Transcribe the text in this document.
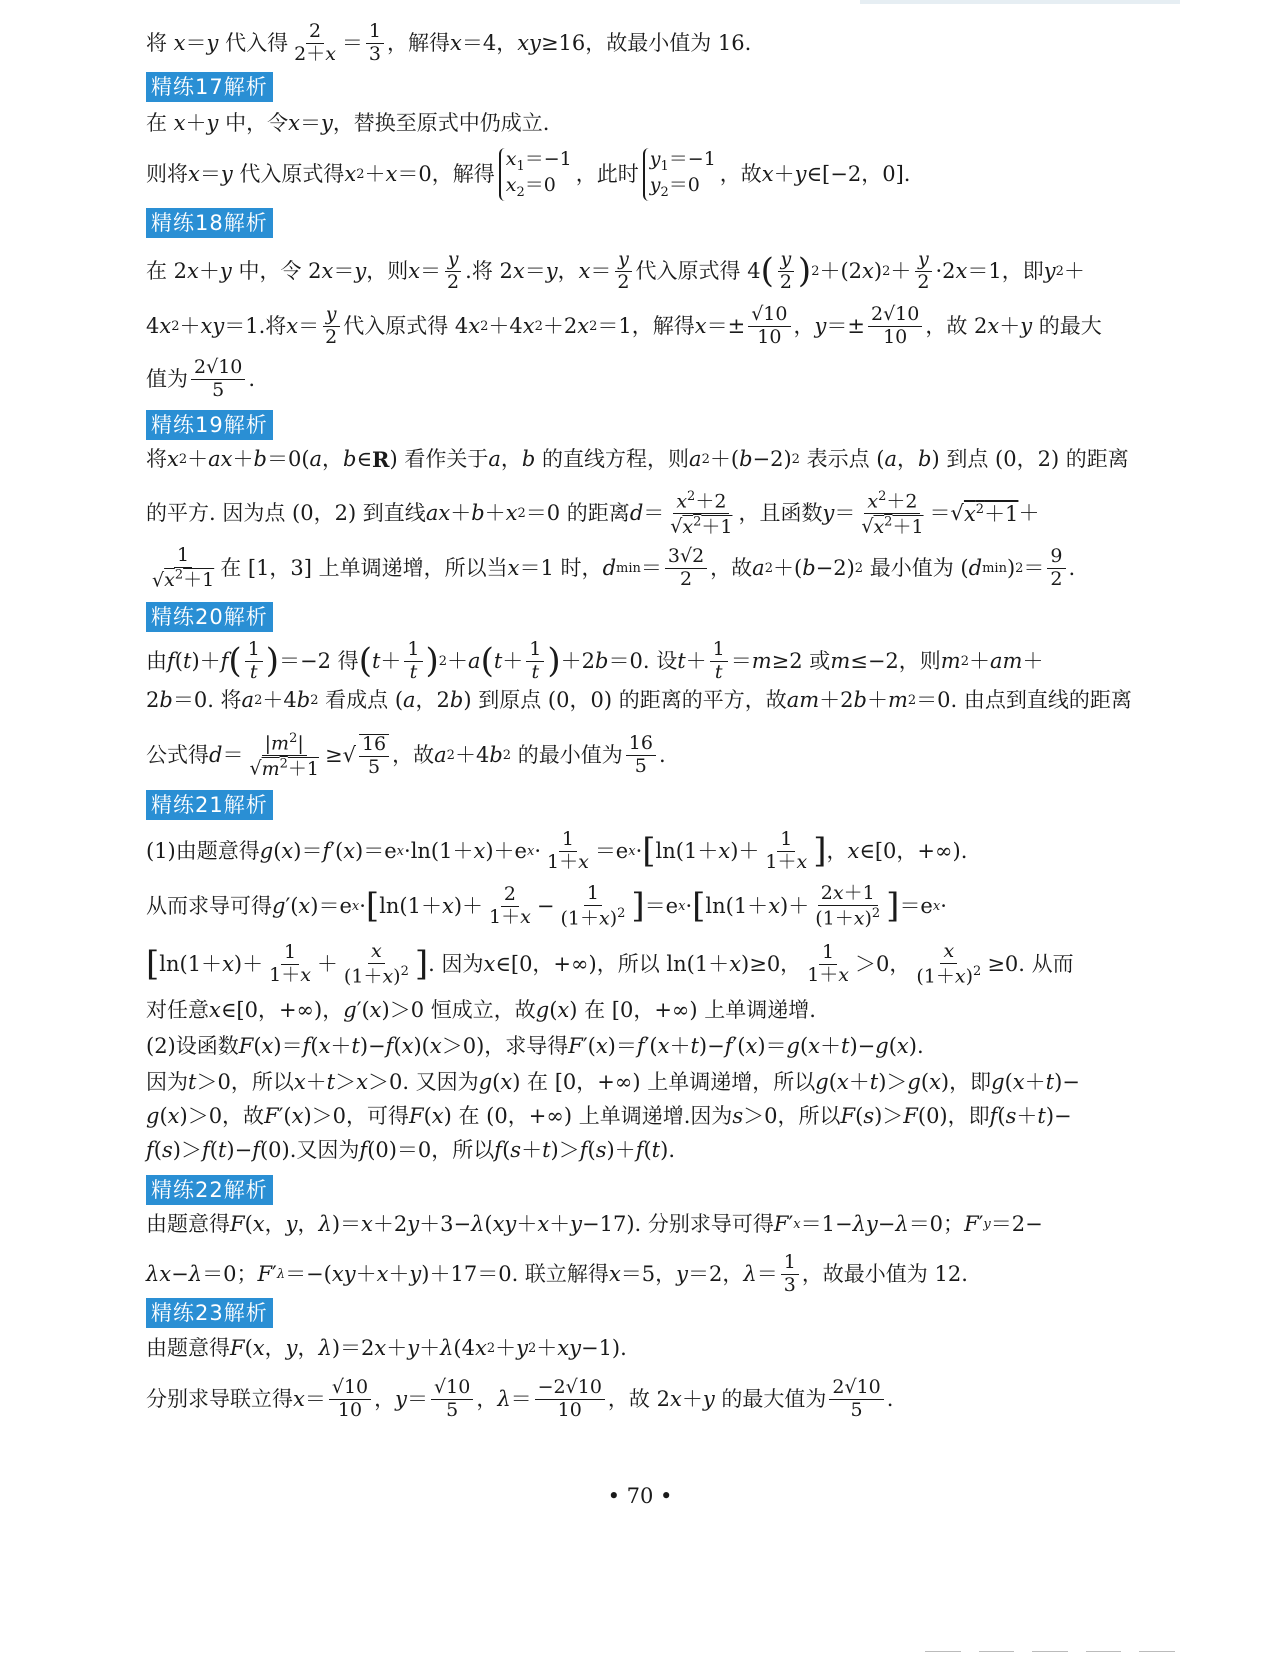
将 x ＝ y 代入得 $\frac{2}{2+x} = \frac{1}{3}$ ，解得 x ＝4， xy ≥16，故最小值为 16.
精练17解析
在 x ＋ y 中，令 x ＝ y ，替换至原式中仍成立.
则将 x ＝ y 代入原式得 x 2 ＋ x ＝0，解得
$x_1=-1$
$x_2=0$ ，此时
$y_1=-1$
$y_2=0$ ，故 x ＋ y ∈[−2，0].
精练18解析
在 2 x ＋ y 中，令 2 x ＝ y ，则 $x = \frac{y}{2}$ .将 2 x ＝ y ， $x = \frac{y}{2}$ 代入原式得 4 ( $\frac{y}{2}$ ) 2 ＋(2 x ) $2 + \frac{y}{2} \cdot 2$ x ＝1，即 y 2 ＋
4 x 2 ＋ xy ＝1.将 $x = \frac{y}{2}$ 代入原式得 4 x 2 ＋4 x 2 ＋2 x 2 ＝1，解得 $x =\pm \frac{√10}{10}$ ， $y =\pm \frac{2√10}{10}$ ，故 2 x ＋ y 的最大
值为 $\frac{2√10}{5}$ .
精练19解析
将 x 2 ＋ ax ＋ b ＝0( a ， b ∈ R ) 看作关于 a ， b 的直线方程，则 a 2 ＋( b −2) 2 表示点 ( a ， b ) 到点 (0，2) 的距离
的平方. 因为点 (0，2) 到直线 ax ＋ b ＋ x 2 ＝0 的距离 $d = \frac{x^2+2}{√x^2+1}$ ，且函数 $y = \frac{x^2+2}{√x^2+1}$ ＝√ $x^2+1$ ＋
$\frac{1}{√x^2+1}$ 在 [1，3] 上单调递增，所以当 x ＝1 时， d $\min = \frac{3√2}{2}$ ，故 a 2 ＋( b −2) 2 最小值为 ( d min ) $2 = \frac{9}{2}$ .
精练20解析
由 f ( t )＋ f ( $\frac{1}{t}$ ) ＝−2 得 ( $t + \frac{1}{t}$ ) 2 ＋ a ( $t + \frac{1}{t}$ ) ＋2 b ＝0. 设 $t + \frac{1}{t} = m \ge 2$ 或 m ≤−2，则 m 2 ＋ am ＋
2 b ＝0. 将 a 2 ＋4 b 2 看成点 ( a ，2 b ) 到原点 (0，0) 的距离的平方，故 am ＋2 b ＋ m 2 ＝0. 由点到直线的距离
公式得 $d = \frac{|m^2|}{√m^2+1}$ ≥√ $\frac{16}{5}$ ，故 a 2 ＋4 b 2 的最小值为 $\frac{16}{5}$ .
精练21解析
(1)由题意得 g ( x )＝ f ′( x )＝e x ·ln(1＋ x )＋e $x \cdot \frac{1}{1+x} =e$ x · [ ln(1＋ x )＋ $\frac{1}{1+x}$ ] ， x ∈[0，+∞).
从而求导可得 g ′( x )＝e x · [ ln(1＋ x )＋ $\frac{2}{1+x} - \frac{1}{(1+x)^2}$ ] ＝e x · [ ln(1＋ x )＋ $\frac{2x+1}{(1+x)^2}$ ] ＝e x ·
[ ln(1＋ x )＋ $\frac{1}{1+x} + \frac{x}{(1+x)^2}$ ] . 因为 x ∈[0，+∞)，所以 ln(1＋ x )≥0， $\frac{1}{1+x} >0$， $\frac{x}{(1+x)^2} \ge 0$. 从而
对任意 x ∈[0，+∞)， g ′( x )＞0 恒成立，故 g ( x ) 在 [0，+∞) 上单调递增.
(2)设函数 F ( x )＝ f ( x ＋ t )− f ( x )( x ＞0)，求导得 F ′( x )＝ f ′( x ＋ t )− f ′( x )＝ g ( x ＋ t )− g ( x ).
因为 t ＞0，所以 x ＋ t ＞ x ＞0. 又因为 g ( x ) 在 [0，+∞) 上单调递增，所以 g ( x ＋ t )＞ g ( x )，即 g ( x ＋ t )−
g ( x )＞0，故 F ′( x )＞0，可得 F ( x ) 在 (0，+∞) 上单调递增.因为 s ＞0，所以 F ( s )＞ F (0)，即 f ( s ＋ t )−
f ( s )＞ f ( t )− f (0).又因为 f (0)＝0，所以 f ( s ＋ t )＞ f ( s )＋ f ( t ).
精练22解析
由题意得 F ( x ， y ， λ )＝ x ＋2 y ＋3− λ ( xy ＋ x ＋ y −17). 分别求导可得 F ′ x ＝1− λy − λ ＝0； F ′ y ＝2−
λx − λ ＝0； F ′ λ ＝−( xy ＋ x ＋ y )＋17＝0. 联立解得 x ＝5， y ＝2， $\lambda = \frac{1}{3}$ ，故最小值为 12.
精练23解析
由题意得 F ( x ， y ， λ )＝2 x ＋ y ＋ λ (4 x 2 ＋ y 2 ＋ xy −1).
分别求导联立得 $x = \frac{√10}{10}$ ， $y = \frac{√10}{5}$ ， $\lambda = \frac{-2√10}{10}$ ，故 2 x ＋ y 的最大值为 $\frac{2√10}{5}$ .
• 70 •
